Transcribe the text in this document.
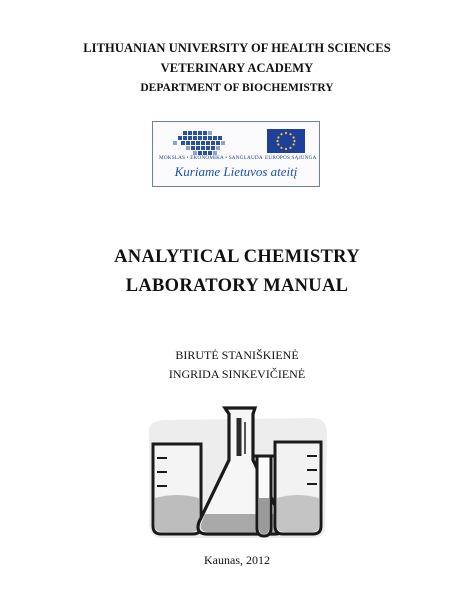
LITHUANIAN UNIVERSITY OF HEALTH SCIENCES
VETERINARY ACADEMY
DEPARTMENT OF BIOCHEMISTRY
MOKSLAS • EKONOMIKA • SANGLAUDA EUROPOS SĄJUNGA
Kuriame Lietuvos ateitį
ANALYTICAL CHEMISTRY
LABORATORY MANUAL
BIRUTĖ STANIŠKIENĖ
INGRIDA SINKEVIČIENĖ
Kaunas, 2012
